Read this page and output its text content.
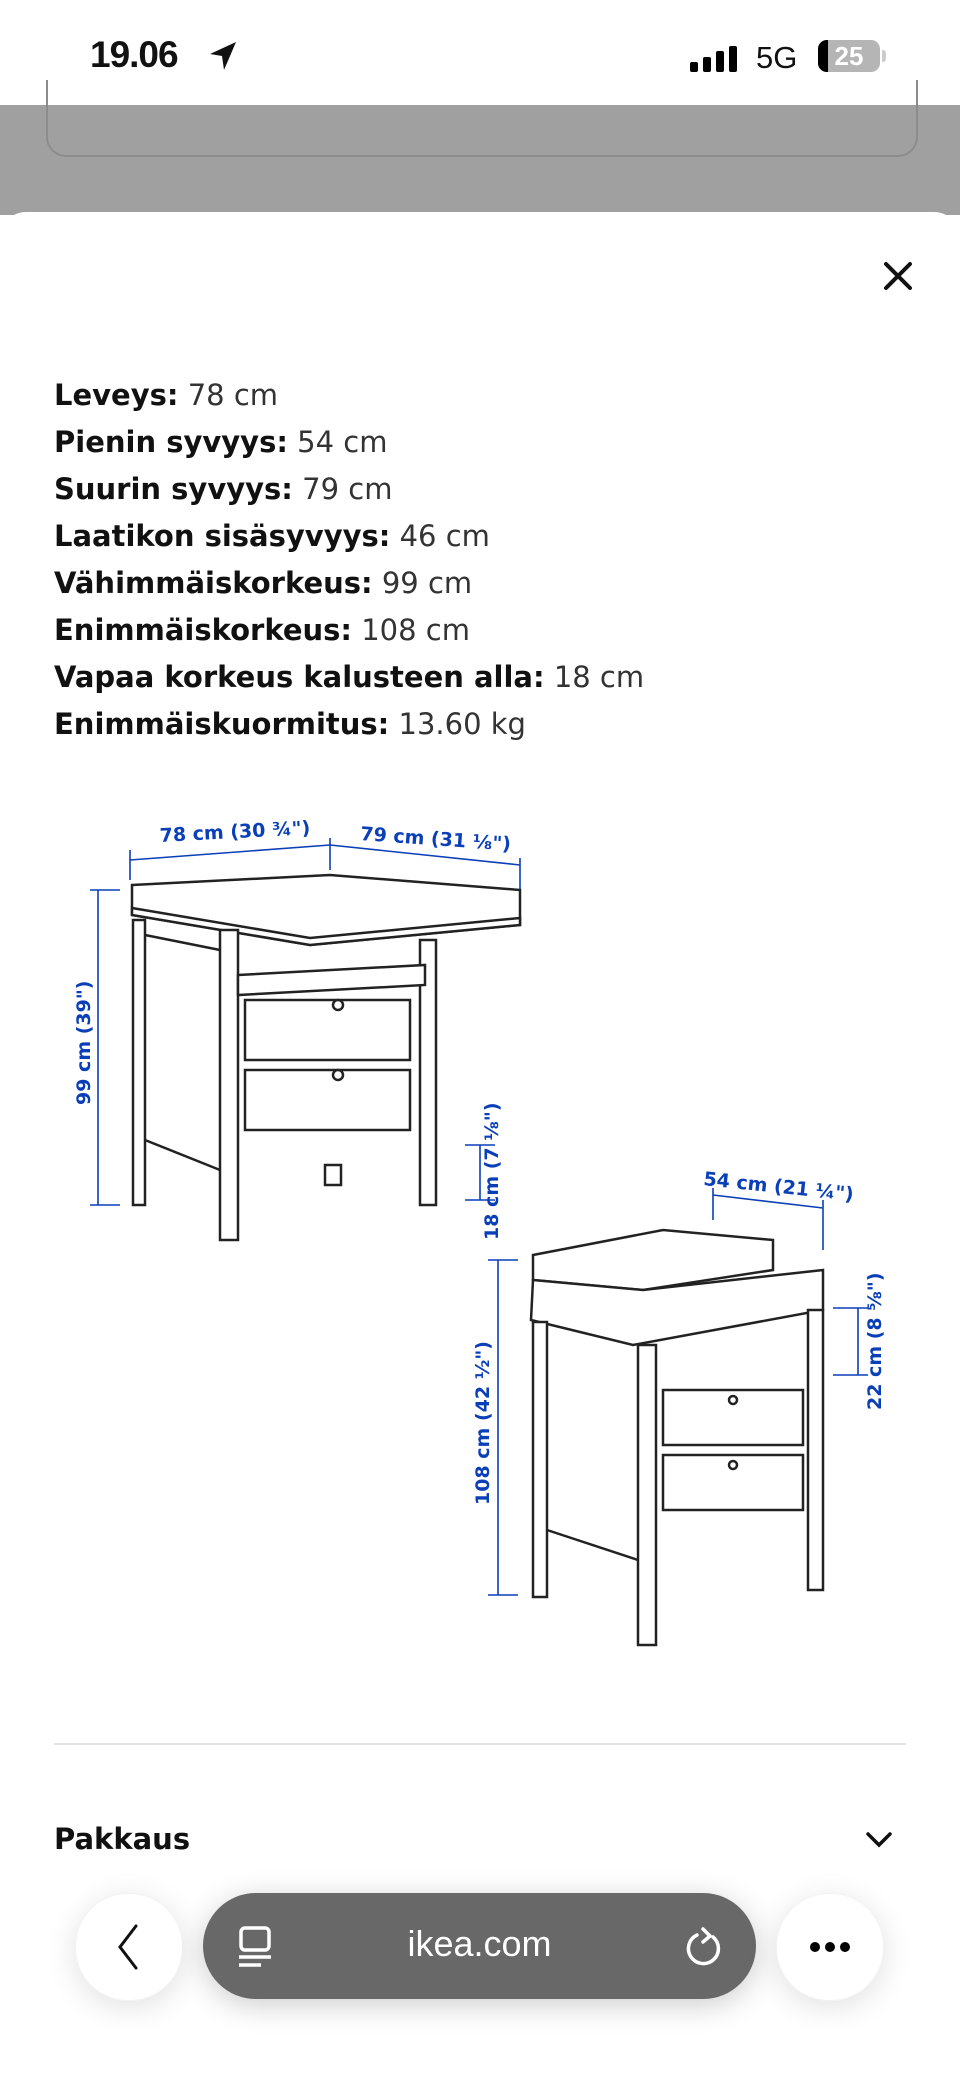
19.06	5G	25
Leveys: 78 cm
Pienin syvyys: 54 cm
Suurin syvyys: 79 cm
Laatikon sisäsyvyys: 46 cm
Vähimmäiskorkeus: 99 cm
Enimmäiskorkeus: 108 cm
Vapaa korkeus kalusteen alla: 18 cm
Enimmäiskuormitus: 13.60 kg
78 cm (30 ¾")	79 cm (31 ⅛")
99 cm (39")
18 cm (7 ⅛")	54 cm (21 ¼")
108 cm (42 ½")	22 cm (8 ⅝")
Pakkaus
ikea.com
